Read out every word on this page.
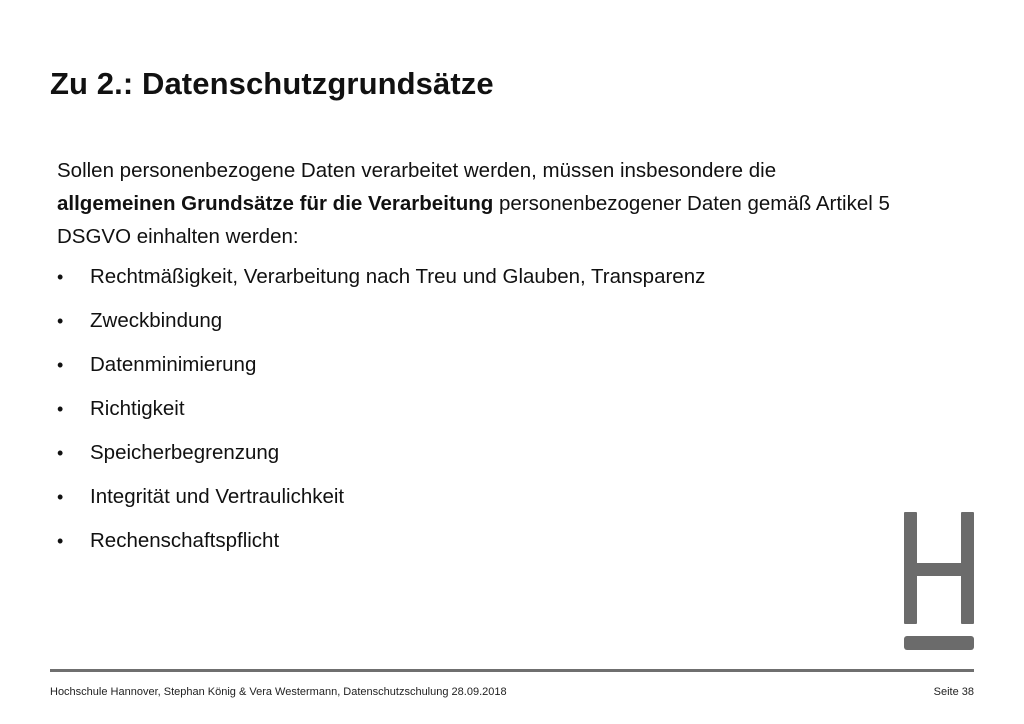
Zu 2.: Datenschutzgrundsätze

Sollen personenbezogene Daten verarbeitet werden, müssen insbesondere die allgemeinen Grundsätze für die Verarbeitung personenbezogener Daten gemäß Artikel 5 DSGVO einhalten werden:

• Rechtmäßigkeit, Verarbeitung nach Treu und Glauben, Transparenz
• Zweckbindung
• Datenminimierung
• Richtigkeit
• Speicherbegrenzung
• Integrität und Vertraulichkeit
• Rechenschaftspflicht
Hochschule Hannover, Stephan König & Vera Westermann, Datenschutzschulung 28.09.2018	Seite 38
